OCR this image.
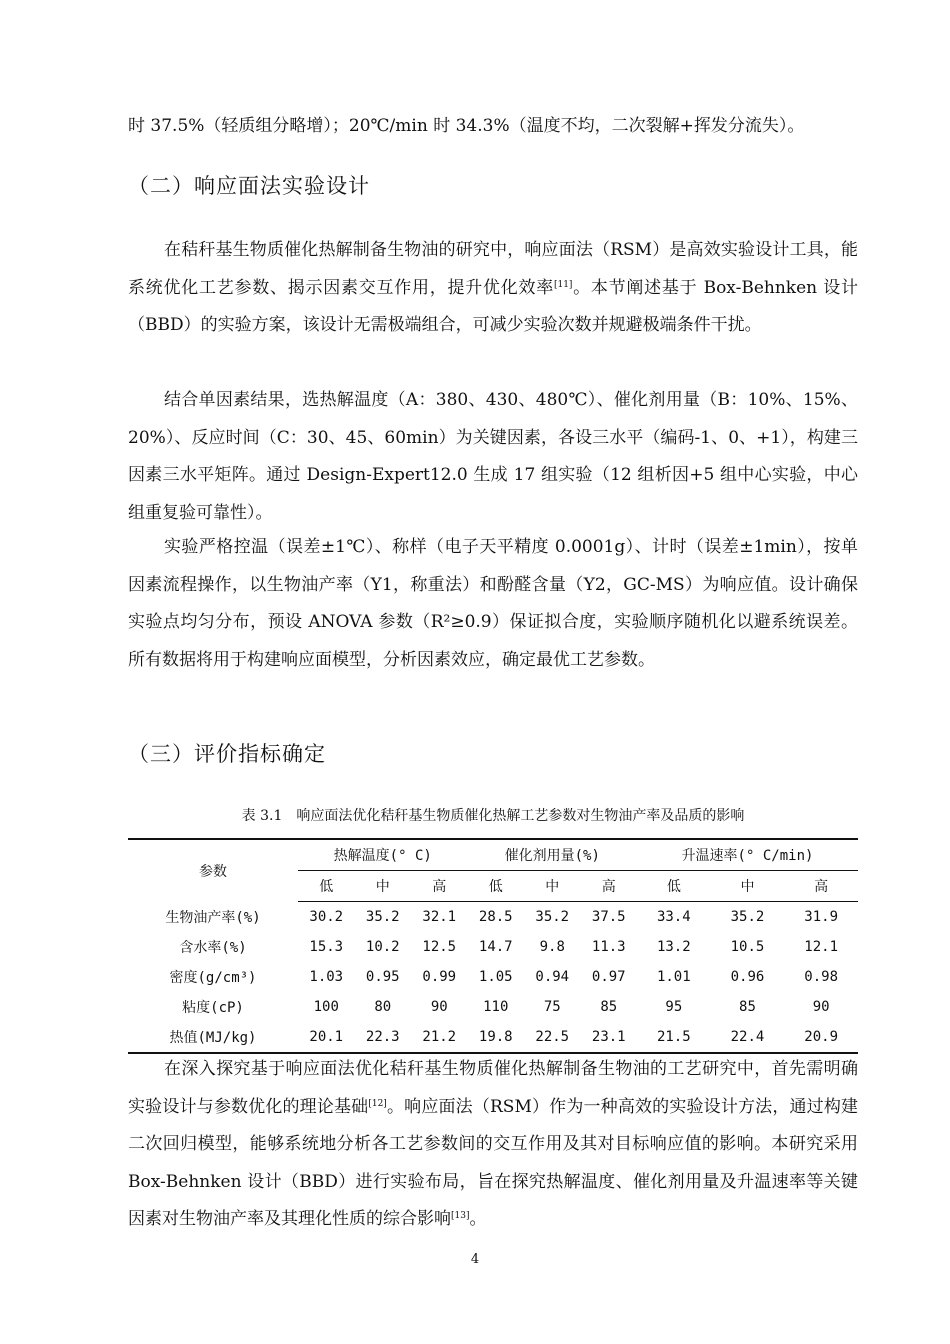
时 37.5%（轻质组分略增）；20℃/min 时 34.3%（温度不均，二次裂解+挥发分流失）。

（二）响应面法实验设计

在秸秆基生物质催化热解制备生物油的研究中，响应面法（RSM）是高效实验设计工具，能系统优化工艺参数、揭示因素交互作用，提升优化效率[11]。本节阐述基于 Box-Behnken 设计（BBD）的实验方案，该设计无需极端组合，可减少实验次数并规避极端条件干扰。

结合单因素结果，选热解温度（A：380、430、480℃）、催化剂用量（B：10%、15%、20%）、反应时间（C：30、45、60min）为关键因素，各设三水平（编码-1、0、+1），构建三因素三水平矩阵。通过 Design-Expert12.0 生成 17 组实验（12 组析因+5 组中心实验，中心组重复验可靠性）。

实验严格控温（误差±1℃）、称样（电子天平精度 0.0001g）、计时（误差±1min），按单因素流程操作，以生物油产率（Y1，称重法）和酚醛含量（Y2，GC-MS）为响应值。设计确保实验点均匀分布，预设 ANOVA 参数（R²≥0.9）保证拟合度，实验顺序随机化以避系统误差。所有数据将用于构建响应面模型，分析因素效应，确定最优工艺参数。

（三）评价指标确定

表 3.1　响应面法优化秸秆基生物质催化热解工艺参数对生物油产率及品质的影响

参数	热解温度(° C)			催化剂用量(%)			升温速率(° C/min)		
	低	中	高	低	中	高	低	中	高
生物油产率(%)	30.2	35.2	32.1	28.5	35.2	37.5	33.4	35.2	31.9
含水率(%)	15.3	10.2	12.5	14.7	9.8	11.3	13.2	10.5	12.1
密度(g/cm³)	1.03	0.95	0.99	1.05	0.94	0.97	1.01	0.96	0.98
粘度(cP)	100	80	90	110	75	85	95	85	90
热值(MJ/kg)	20.1	22.3	21.2	19.8	22.5	23.1	21.5	22.4	20.9

在深入探究基于响应面法优化秸秆基生物质催化热解制备生物油的工艺研究中，首先需明确实验设计与参数优化的理论基础[12]。响应面法（RSM）作为一种高效的实验设计方法，通过构建二次回归模型，能够系统地分析各工艺参数间的交互作用及其对目标响应值的影响。本研究采用 Box-Behnken 设计（BBD）进行实验布局，旨在探究热解温度、催化剂用量及升温速率等关键因素对生物油产率及其理化性质的综合影响[13]。

4
